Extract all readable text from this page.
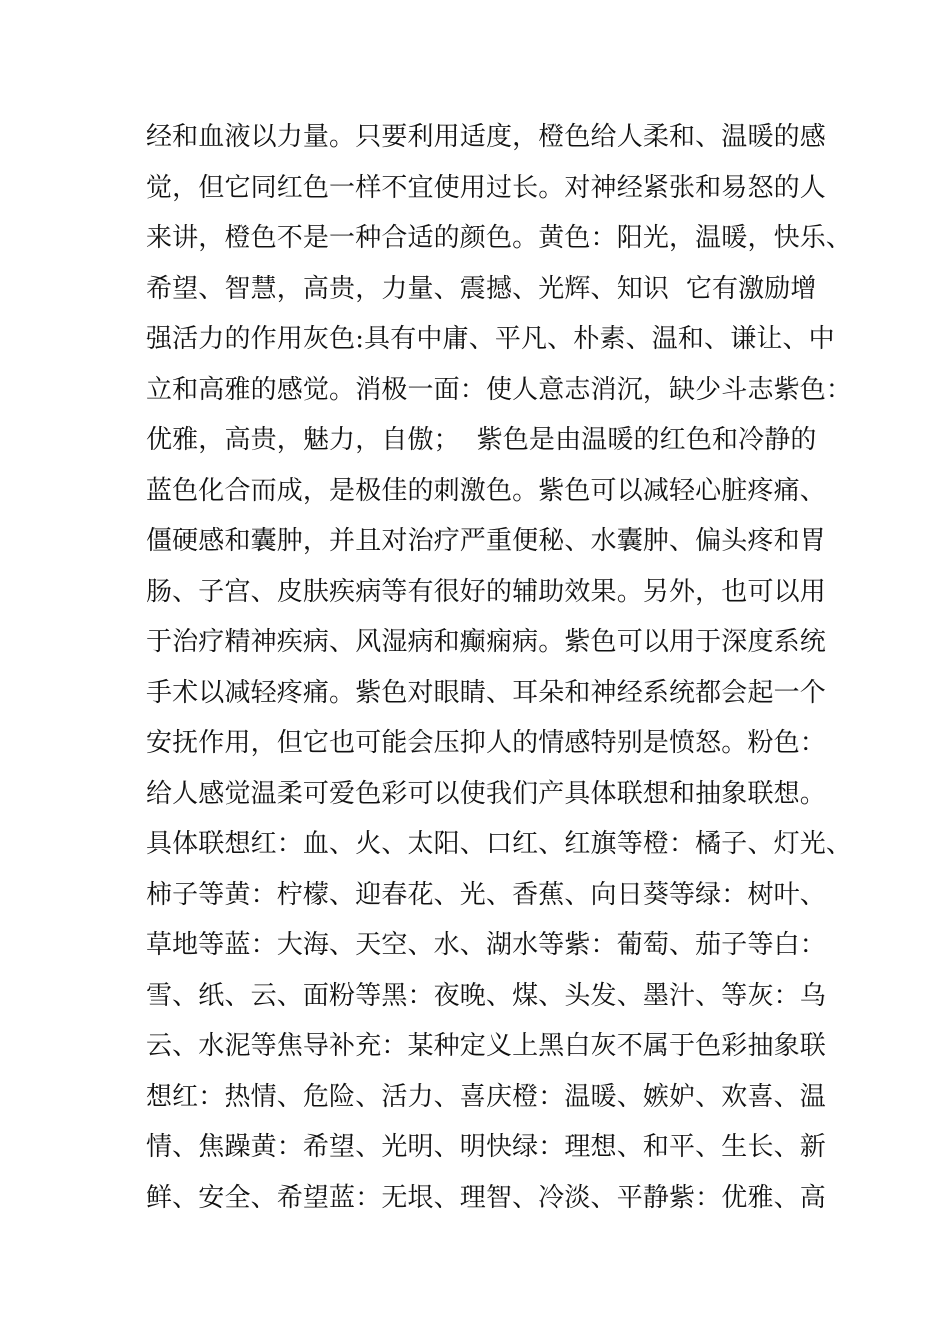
经和血液以力量。只要利用适度，橙色给人柔和、温暖的感
觉，但它同红色一样不宜使用过长。对神经紧张和易怒的人
来讲，橙色不是一种合适的颜色。黄色：阳光，温暖，快乐、
希望、智慧，高贵，力量、震撼、光辉、知识  它有激励增
强活力的作用灰色:具有中庸、平凡、朴素、温和、谦让、中
立和高雅的感觉。消极一面：使人意志消沉，缺少斗志紫色：
优雅，高贵，魅力，自傲；  紫色是由温暖的红色和冷静的
蓝色化合而成，是极佳的刺激色。紫色可以减轻心脏疼痛、
僵硬感和囊肿，并且对治疗严重便秘、水囊肿、偏头疼和胃
肠、子宫、皮肤疾病等有很好的辅助效果。另外，也可以用
于治疗精神疾病、风湿病和癫痫病。紫色可以用于深度系统
手术以减轻疼痛。紫色对眼睛、耳朵和神经系统都会起一个
安抚作用，但它也可能会压抑人的情感特别是愤怒。粉色：
给人感觉温柔可爱色彩可以使我们产具体联想和抽象联想。
具体联想红：血、火、太阳、口红、红旗等橙：橘子、灯光、
柿子等黄：柠檬、迎春花、光、香蕉、向日葵等绿：树叶、
草地等蓝：大海、天空、水、湖水等紫：葡萄、茄子等白：
雪、纸、云、面粉等黑：夜晚、煤、头发、墨汁、等灰：乌
云、水泥等焦导补充：某种定义上黑白灰不属于色彩抽象联
想红：热情、危险、活力、喜庆橙：温暖、嫉妒、欢喜、温
情、焦躁黄：希望、光明、明快绿：理想、和平、生长、新
鲜、安全、希望蓝：无垠、理智、冷淡、平静紫：优雅、高
